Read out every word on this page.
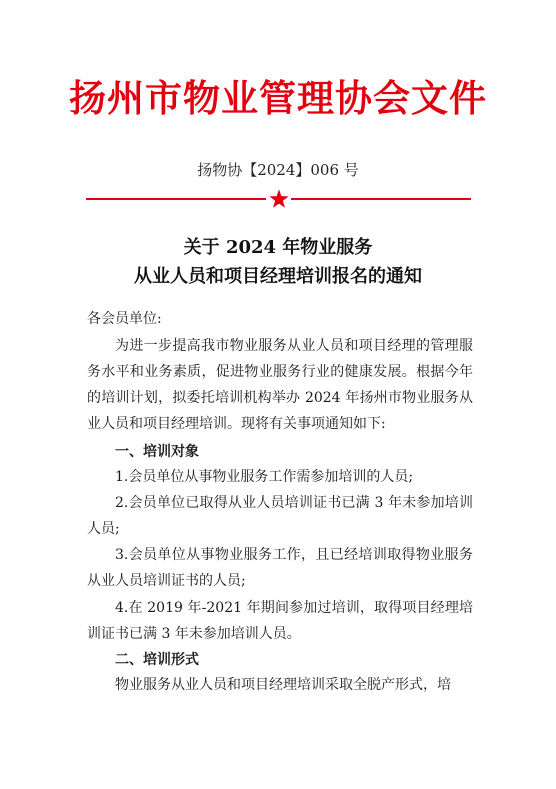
扬州市物业管理协会文件
扬物协【2024】006 号
关于 2024 年物业服务
从业人员和项目经理培训报名的通知
各会员单位:
为进一步提高我市物业服务从业人员和项目经理的管理服务水平和业务素质，促进物业服务行业的健康发展。根据今年的培训计划，拟委托培训机构举办 2024 年扬州市物业服务从业人员和项目经理培训。现将有关事项通知如下:
一、培训对象
1.会员单位从事物业服务工作需参加培训的人员;
2.会员单位已取得从业人员培训证书已满 3 年未参加培训人员;
3.会员单位从事物业服务工作，且已经培训取得物业服务从业人员培训证书的人员;
4.在 2019 年-2021 年期间参加过培训，取得项目经理培训证书已满 3 年未参加培训人员。
二、培训形式
物业服务从业人员和项目经理培训采取全脱产形式，培
